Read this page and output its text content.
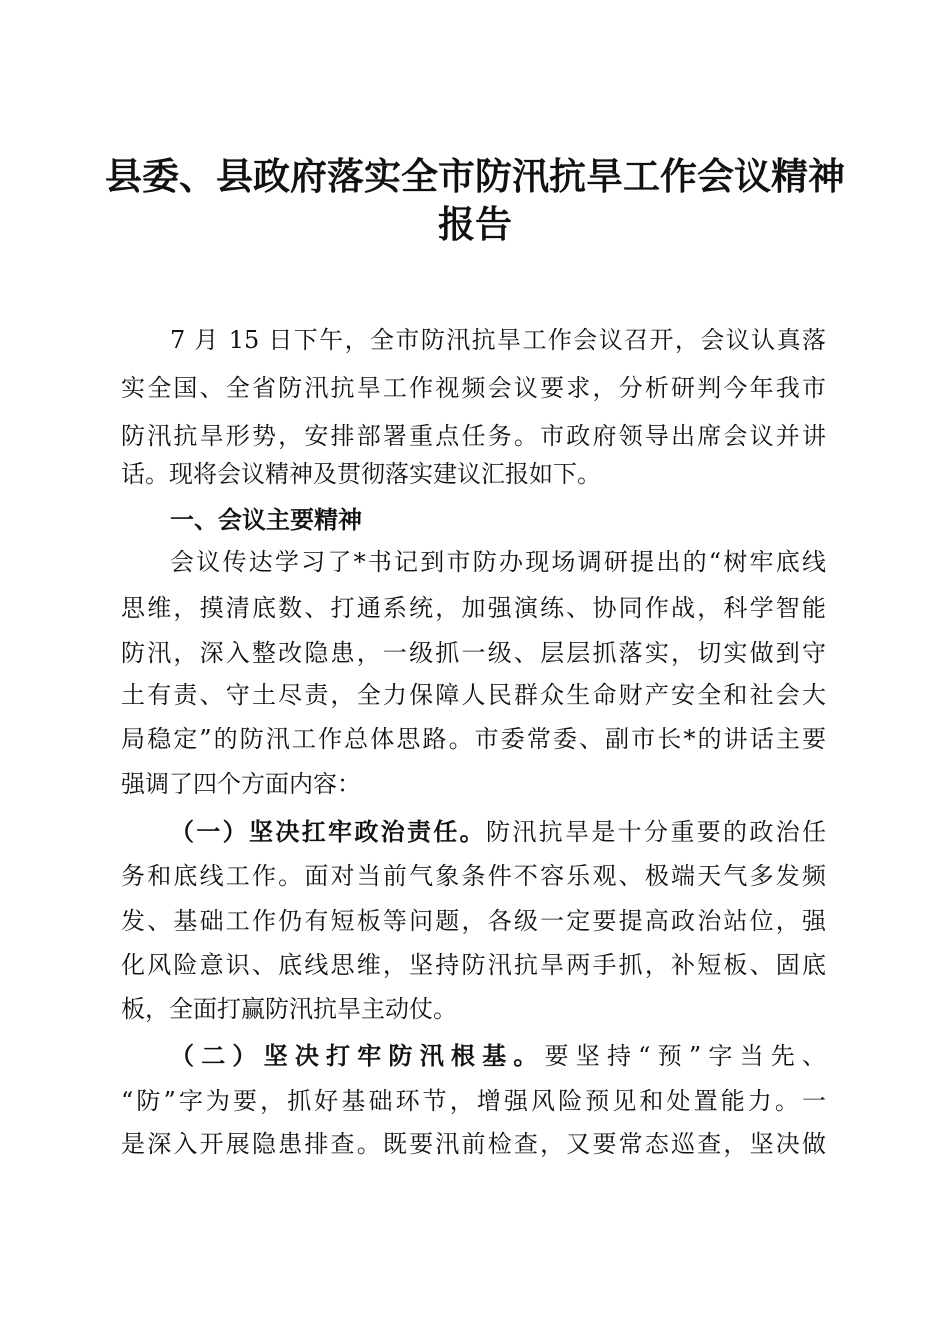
县委、县政府落实全市防汛抗旱工作会议精神
报告
7 月 15 日下午，全市防汛抗旱工作会议召开，会议认真落
实全国、全省防汛抗旱工作视频会议要求，分析研判今年我市
防汛抗旱形势，安排部署重点任务。市政府领导出席会议并讲
话。现将会议精神及贯彻落实建议汇报如下。
一、会议主要精神
会议传达学习了*书记到市防办现场调研提出的“树牢底线
思维，摸清底数、打通系统，加强演练、协同作战，科学智能
防汛，深入整改隐患，一级抓一级、层层抓落实，切实做到守
土有责、守土尽责，全力保障人民群众生命财产安全和社会大
局稳定”的防汛工作总体思路。市委常委、副市长*的讲话主要
强调了四个方面内容：
（一）坚决扛牢政治责任。防汛抗旱是十分重要的政治任
务和底线工作。面对当前气象条件不容乐观、极端天气多发频
发、基础工作仍有短板等问题，各级一定要提高政治站位，强
化风险意识、底线思维，坚持防汛抗旱两手抓，补短板、固底
板，全面打赢防汛抗旱主动仗。
（二）坚决打牢防汛根基。要坚持“预”字当先、
“防”字为要，抓好基础环节，增强风险预见和处置能力。一
是深入开展隐患排查。既要汛前检查，又要常态巡查，坚决做
